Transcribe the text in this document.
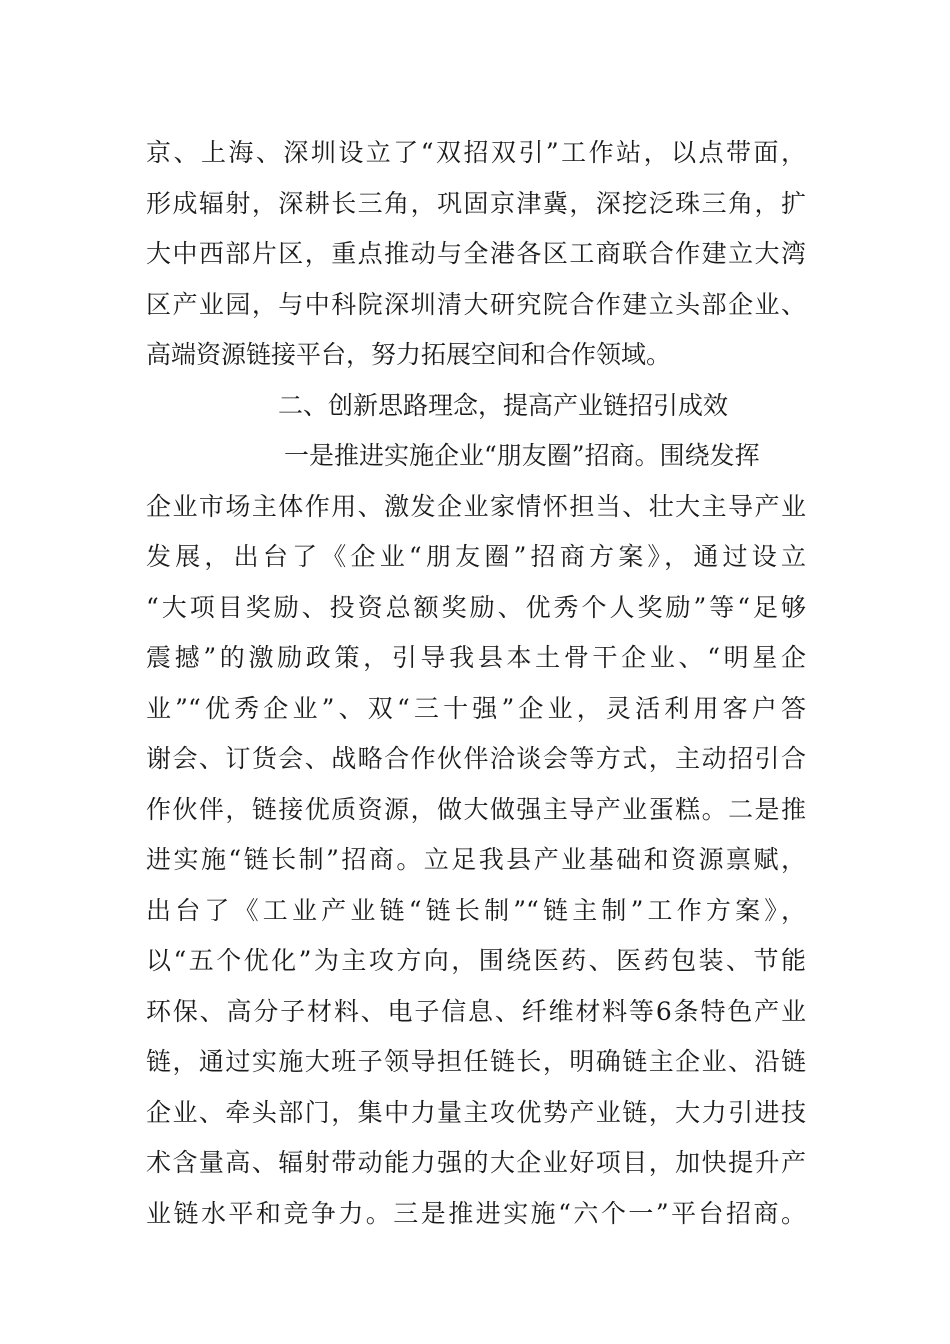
京、上海、深圳设立了“双招双引”工作站，以点带面，
形成辐射，深耕长三角，巩固京津冀，深挖泛珠三角，扩
大中西部片区，重点推动与全港各区工商联合作建立大湾
区产业园，与中科院深圳清大研究院合作建立头部企业、
高端资源链接平台，努力拓展空间和合作领域。
二、创新思路理念，提高产业链招引成效
一是推进实施企业“朋友圈”招商。围绕发挥
企业市场主体作用、激发企业家情怀担当、壮大主导产业
发展，出台了《企业“朋友圈”招商方案》，通过设立
“大项目奖励、投资总额奖励、优秀个人奖励”等“足够
震撼”的激励政策，引导我县本土骨干企业、“明星企
业”“优秀企业”、双“三十强”企业，灵活利用客户答
谢会、订货会、战略合作伙伴洽谈会等方式，主动招引合
作伙伴，链接优质资源，做大做强主导产业蛋糕。二是推
进实施“链长制”招商。立足我县产业基础和资源禀赋，
出台了《工业产业链“链长制”“链主制”工作方案》，
以“五个优化”为主攻方向，围绕医药、医药包装、节能
环保、高分子材料、电子信息、纤维材料等6条特色产业
链，通过实施大班子领导担任链长，明确链主企业、沿链
企业、牵头部门，集中力量主攻优势产业链，大力引进技
术含量高、辐射带动能力强的大企业好项目，加快提升产
业链水平和竞争力。三是推进实施“六个一”平台招商。
